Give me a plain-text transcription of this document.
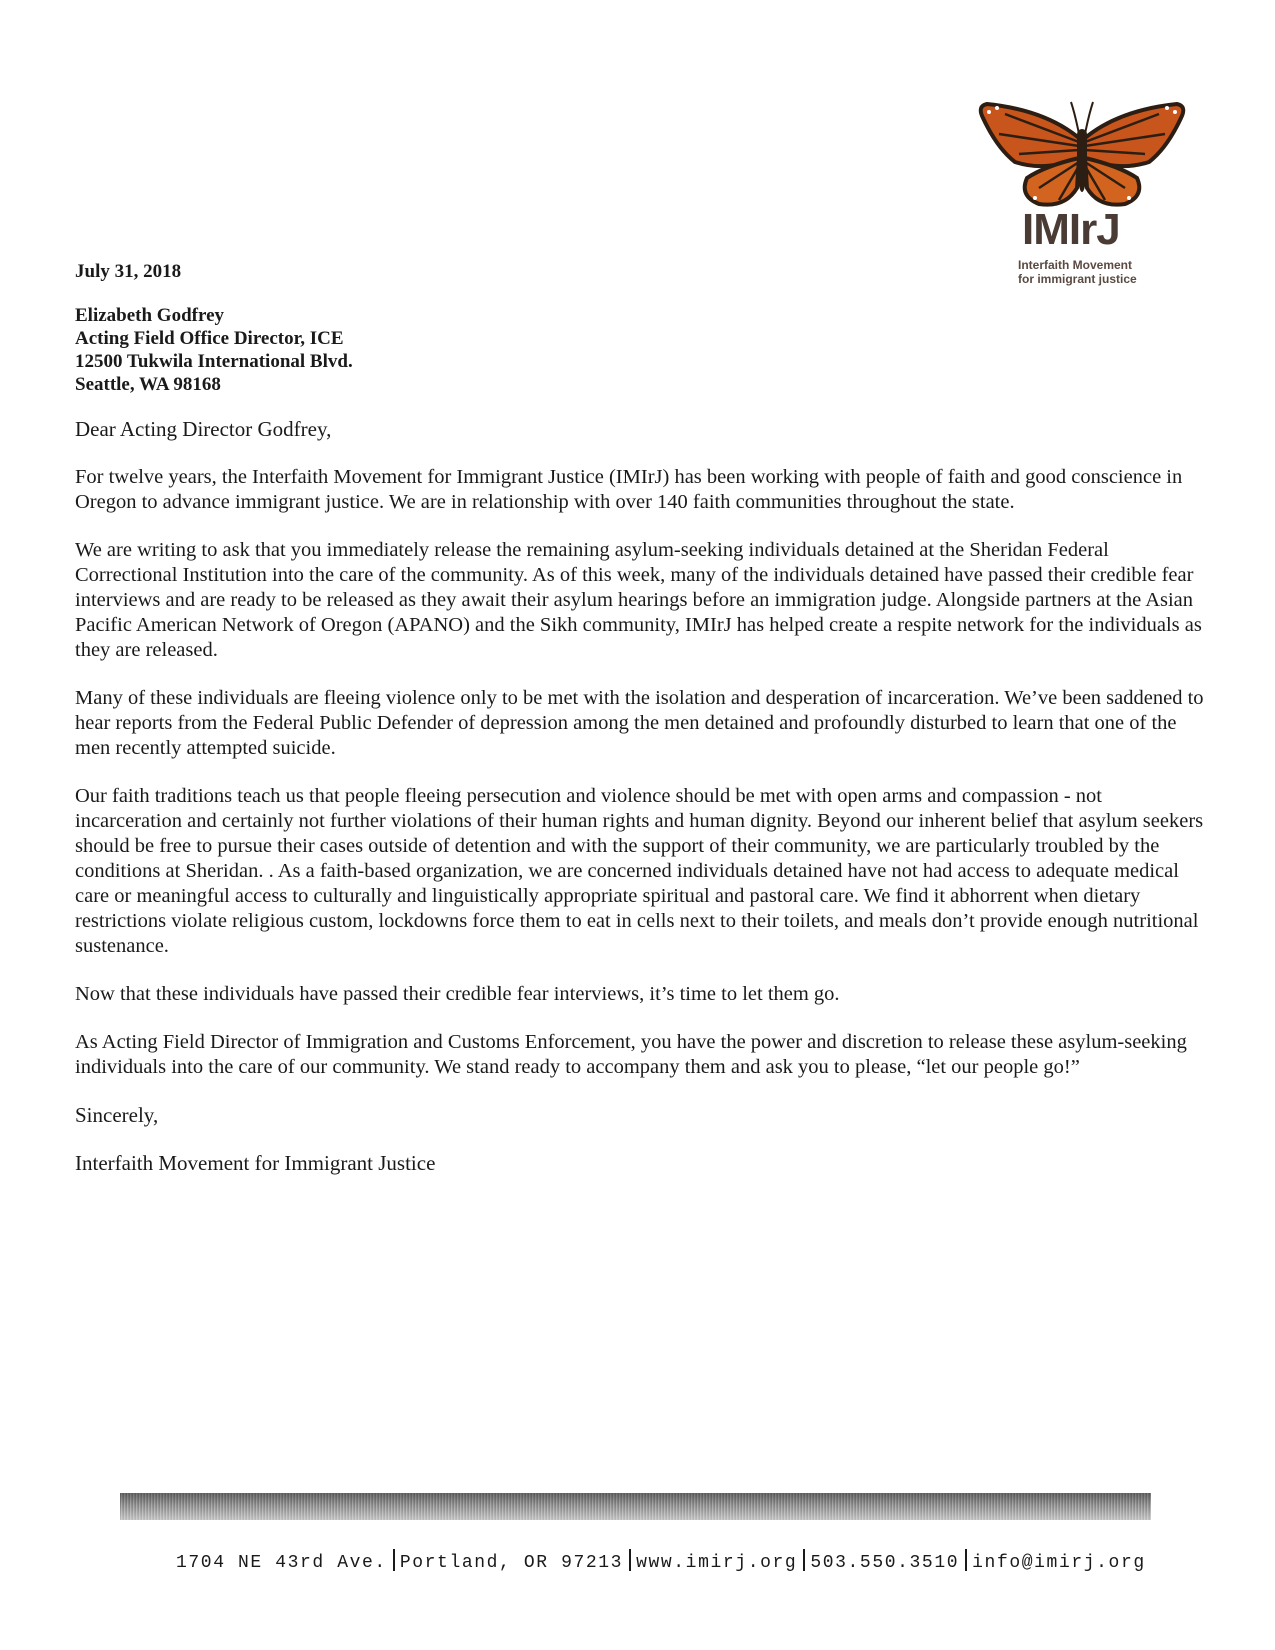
IMIrJ
Interfaith Movement
for immigrant justice
July 31, 2018
Elizabeth Godfrey
Acting Field Office Director, ICE
12500 Tukwila International Blvd.
Seattle, WA 98168
Dear Acting Director Godfrey,
For twelve years, the Interfaith Movement for Immigrant Justice (IMIrJ) has been working with people of faith and good conscience in Oregon to advance immigrant justice. We are in relationship with over 140 faith communities throughout the state.
We are writing to ask that you immediately release the remaining asylum-seeking individuals detained at the Sheridan Federal Correctional Institution into the care of the community. As of this week, many of the individuals detained have passed their credible fear interviews and are ready to be released as they await their asylum hearings before an immigration judge. Alongside partners at the Asian Pacific American Network of Oregon (APANO) and the Sikh community, IMIrJ has helped create a respite network for the individuals as they are released.
Many of these individuals are fleeing violence only to be met with the isolation and desperation of incarceration. We’ve been saddened to hear reports from the Federal Public Defender of depression among the men detained and profoundly disturbed to learn that one of the men recently attempted suicide.
Our faith traditions teach us that people fleeing persecution and violence should be met with open arms and compassion - not incarceration and certainly not further violations of their human rights and human dignity. Beyond our inherent belief that asylum seekers should be free to pursue their cases outside of detention and with the support of their community, we are particularly troubled by the conditions at Sheridan. . As a faith-based organization, we are concerned individuals detained have not had access to adequate medical care or meaningful access to culturally and linguistically appropriate spiritual and pastoral care. We find it abhorrent when dietary restrictions violate religious custom, lockdowns force them to eat in cells next to their toilets, and meals don’t provide enough nutritional sustenance.
Now that these individuals have passed their credible fear interviews, it’s time to let them go.
As Acting Field Director of Immigration and Customs Enforcement, you have the power and discretion to release these asylum-seeking individuals into the care of our community. We stand ready to accompany them and ask you to please, “let our people go!”
Sincerely,
Interfaith Movement for Immigrant Justice
1704 NE 43rd Ave. Portland, OR 97213 www.imirj.org 503.550.3510 info@imirj.org
